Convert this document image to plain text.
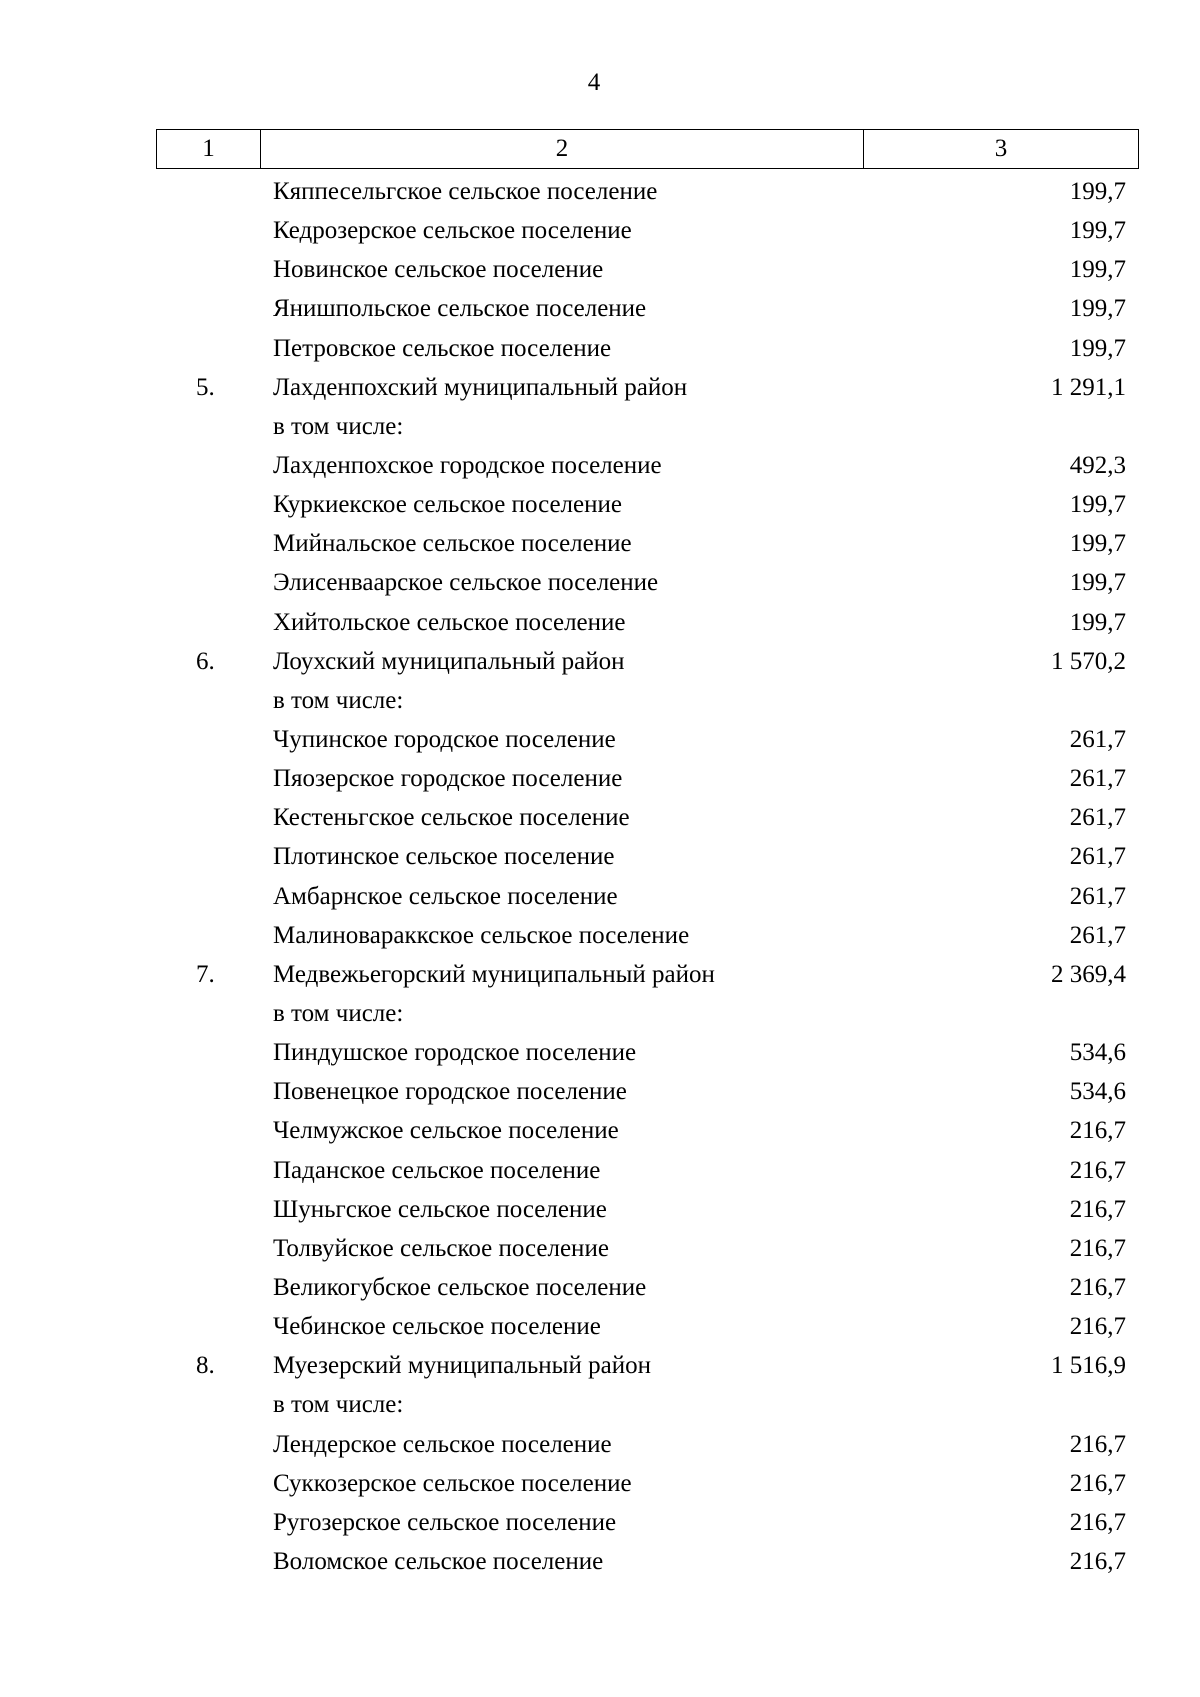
4
1	2	3
Кяппесельгское сельское поселение	199,7
Кедрозерское сельское поселение	199,7
Новинское сельское поселение	199,7
Янишпольское сельское поселение	199,7
Петровское сельское поселение	199,7
5.	Лахденпохский муниципальный район	1 291,1
в том числе:
Лахденпохское городское поселение	492,3
Куркиекское сельское поселение	199,7
Мийнальское сельское поселение	199,7
Элисенваарское сельское поселение	199,7
Хийтольское сельское поселение	199,7
6.	Лоухский муниципальный район	1 570,2
в том числе:
Чупинское городское поселение	261,7
Пяозерское городское поселение	261,7
Кестеньгское сельское поселение	261,7
Плотинское сельское поселение	261,7
Амбарнское сельское поселение	261,7
Малиновараккское сельское поселение	261,7
7.	Медвежьегорский муниципальный район	2 369,4
в том числе:
Пиндушское городское поселение	534,6
Повенецкое городское поселение	534,6
Челмужское сельское поселение	216,7
Паданское сельское поселение	216,7
Шуньгское сельское поселение	216,7
Толвуйское сельское поселение	216,7
Великогубское сельское поселение	216,7
Чебинское сельское поселение	216,7
8.	Муезерский муниципальный район	1 516,9
в том числе:
Лендерское сельское поселение	216,7
Суккозерское сельское поселение	216,7
Ругозерское сельское поселение	216,7
Воломское сельское поселение	216,7
